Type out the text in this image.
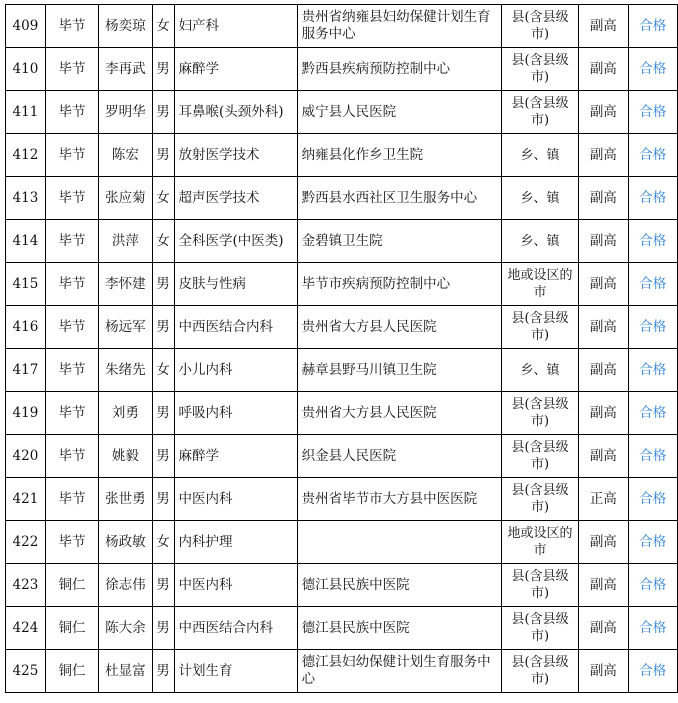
409	毕节	杨奕琼	女	妇产科	贵州省纳雍县妇幼保健计划生育服务中心	县(含县级市)	副高	合格
410	毕节	李再武	男	麻醉学	黔西县疾病预防控制中心	县(含县级市)	副高	合格
411	毕节	罗明华	男	耳鼻喉(头颈外科)	威宁县人民医院	县(含县级市)	副高	合格
412	毕节	陈宏	男	放射医学技术	纳雍县化作乡卫生院	乡、镇	副高	合格
413	毕节	张应菊	女	超声医学技术	黔西县水西社区卫生服务中心	乡、镇	副高	合格
414	毕节	洪萍	女	全科医学(中医类)	金碧镇卫生院	乡、镇	副高	合格
415	毕节	李怀建	男	皮肤与性病	毕节市疾病预防控制中心	地或设区的市	副高	合格
416	毕节	杨远军	男	中西医结合内科	贵州省大方县人民医院	县(含县级市)	副高	合格
417	毕节	朱绪先	女	小儿内科	赫章县野马川镇卫生院	乡、镇	副高	合格
419	毕节	刘勇	男	呼吸内科	贵州省大方县人民医院	县(含县级市)	副高	合格
420	毕节	姚毅	男	麻醉学	织金县人民医院	县(含县级市)	副高	合格
421	毕节	张世勇	男	中医内科	贵州省毕节市大方县中医医院	县(含县级市)	正高	合格
422	毕节	杨政敏	女	内科护理		地或设区的市	副高	合格
423	铜仁	徐志伟	男	中医内科	德江县民族中医院	县(含县级市)	副高	合格
424	铜仁	陈大余	男	中西医结合内科	德江县民族中医院	县(含县级市)	副高	合格
425	铜仁	杜显富	男	计划生育	德江县妇幼保健计划生育服务中心	县(含县级市)	副高	合格
